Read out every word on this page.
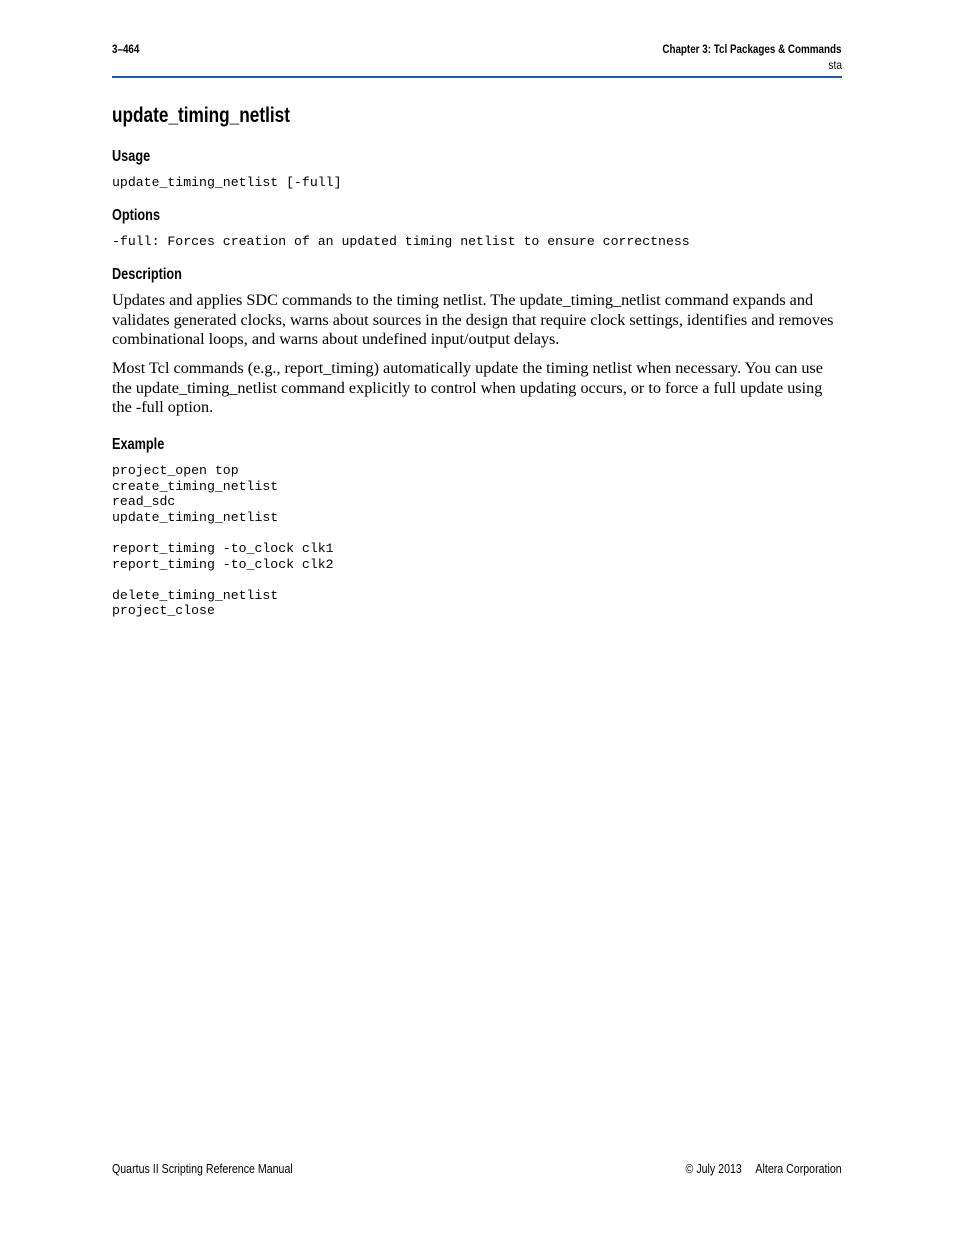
3–464	Chapter 3: Tcl Packages & Commands
sta
update_timing_netlist
Usage
update_timing_netlist [-full]
Options
-full: Forces creation of an updated timing netlist to ensure correctness
Description

Updates and applies SDC commands to the timing netlist. The update_timing_netlist command expands and validates generated clocks, warns about sources in the design that require clock settings, identifies and removes combinational loops, and warns about undefined input/output delays.

Most Tcl commands (e.g., report_timing) automatically update the timing netlist when necessary. You can use the update_timing_netlist command explicitly to control when updating occurs, or to force a full update using the -full option.

Example
project_open top
create_timing_netlist
read_sdc
update_timing_netlist

report_timing -to_clock clk1
report_timing -to_clock clk2

delete_timing_netlist
project_close
Quartus II Scripting Reference Manual	© July 2013 Altera Corporation
